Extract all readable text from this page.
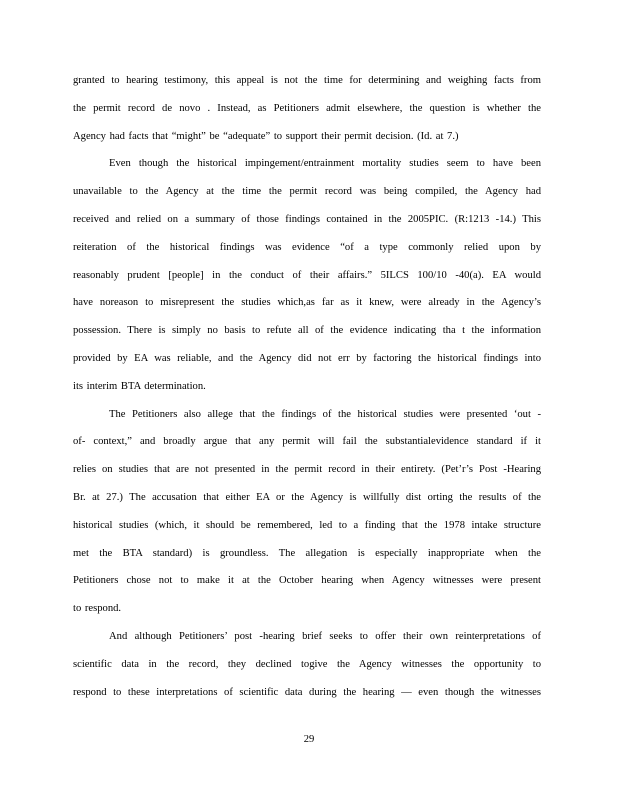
granted to hearing testimony, this appeal is not the time for determining and weighing facts from
the permit record de novo . Instead, as Petitioners admit elsewhere, the question is whether the
Agency had facts that “might” be “adequate” to support their permit decision. (Id. at 7.)
Even though the historical impingement/entrainment mortality studies seem to have been
unavailable to the Agency at the time the permit record was being compiled, the Agency had
received and relied on a summary of those findings contained in the 2005PIC. (R:1213 -14.) This
reiteration of the historical findings was evidence “of a type commonly relied upon by
reasonably prudent [people] in the conduct of their affairs.” 5ILCS 100/10 -40(a). EA would
have noreason to misrepresent the studies which,as far as it knew, were already in the Agency’s
possession. There is simply no basis to refute all of the evidence indicating tha t the information
provided by EA was reliable, and the Agency did not err by factoring the historical findings into
its interim BTA determination.
The Petitioners also allege that the findings of the historical studies were presented ‘out -
of- context,” and broadly argue that any permit will fail the substantialevidence standard if it
relies on studies that are not presented in the permit record in their entirety. (Pet’r’s Post -Hearing
Br. at 27.) The accusation that either EA or the Agency is willfully dist orting the results of the
historical studies (which, it should be remembered, led to a finding that the 1978 intake structure
met the BTA standard) is groundless. The allegation is especially inappropriate when the
Petitioners chose not to make it at the October hearing when Agency witnesses were present
to respond.
And although Petitioners’ post -hearing brief seeks to offer their own reinterpretations of
scientific data in the record, they declined togive the Agency witnesses the opportunity to
respond to these interpretations of scientific data during the hearing — even though the witnesses
29
